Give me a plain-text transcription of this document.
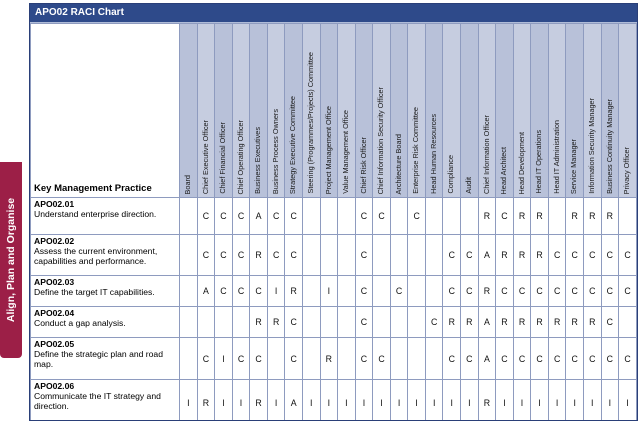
Align, Plan and Organise
APO02 RACI Chart
Key Management Practice	Board	Chief Executive Officer	Chief Financial Officer	Chief Operating Officer	Business Executives	Business Process Owners	Strategy Executive Committee	Steering (Programmes/Projects) Committee	Project Management Office	Value Management Office	Chief Risk Officer	Chief Information Security Officer	Architecture Board	Enterprise Risk Committee	Head Human Resources	Compliance	Audit	Chief Information Officer	Head Architect	Head Development	Head IT Operations	Head IT Administration	Service Manager	Information Security Manager	Business Continuity Manager	Privacy Officer

APO02.01
Understand enterprise direction.		C	C	C	A	C	C				C	C		C				R	C	R	R		R	R	R	

APO02.02
Assess the current environment, capabilities and performance.		C	C	C	R	C	C				C					C	C	A	R	R	R	C	C	C	C	C

APO02.03
Define the target IT capabilities.		A	C	C	C	I	R		I		C		C			C	C	R	C	C	C	C	C	C	C	C

APO02.04
Conduct a gap analysis.					R	R	C				C				C	R	R	A	R	R	R	R	R	R	C	

APO02.05
Define the strategic plan and road map.		C	I	C	C		C		R		C	C				C	C	A	C	C	C	C	C	C	C	C

APO02.06
Communicate the IT strategy and direction.	I	R	I	I	R	I	A	I	I	I	I	I	I	I	I	I	I	R	I	I	I	I	I	I	I	I
